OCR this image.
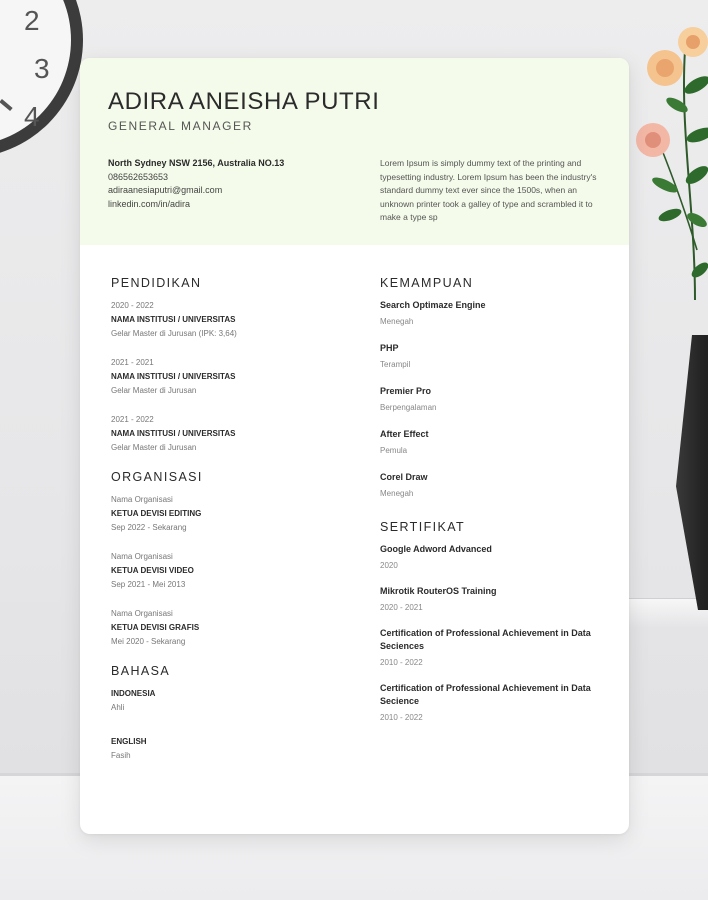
2
3
4	ADIRA ANEISHA PUTRI
GENERAL MANAGER
North Sydney NSW 2156, Australia NO.13
086562653653
adiraanesiaputri@gmail.com
linkedin.com/in/adira
Lorem Ipsum is simply dummy text of the printing and typesetting industry. Lorem Ipsum has been the industry's standard dummy text ever since the 1500s, when an unknown printer took a galley of type and scrambled it to make a type sp
PENDIDIKAN
2020 - 2022
NAMA INSTITUSI / UNIVERSITAS
Gelar Master di Jurusan (IPK: 3,64)
2021 - 2021
NAMA INSTITUSI / UNIVERSITAS
Gelar Master di Jurusan
2021 - 2022
NAMA INSTITUSI / UNIVERSITAS
Gelar Master di Jurusan
ORGANISASI
Nama Organisasi
KETUA DEVISI EDITING
Sep 2022 - Sekarang
Nama Organisasi
KETUA DEVISI VIDEO
Sep 2021 - Mei 2013
Nama Organisasi
KETUA DEVISI GRAFIS
Mei 2020 - Sekarang
BAHASA
INDONESIA
Ahli
ENGLISH
Fasih
KEMAMPUAN
Search Optimaze Engine
Menegah
PHP
Terampil
Premier Pro
Berpengalaman
After Effect
Pemula
Corel Draw
Menegah
SERTIFIKAT
Google Adword Advanced
2020
Mikrotik RouterOS Training
2020 - 2021
Certification of Professional Achievement in Data Seciences
2010 - 2022
Certification of Professional Achievement in Data Secience
2010 - 2022
